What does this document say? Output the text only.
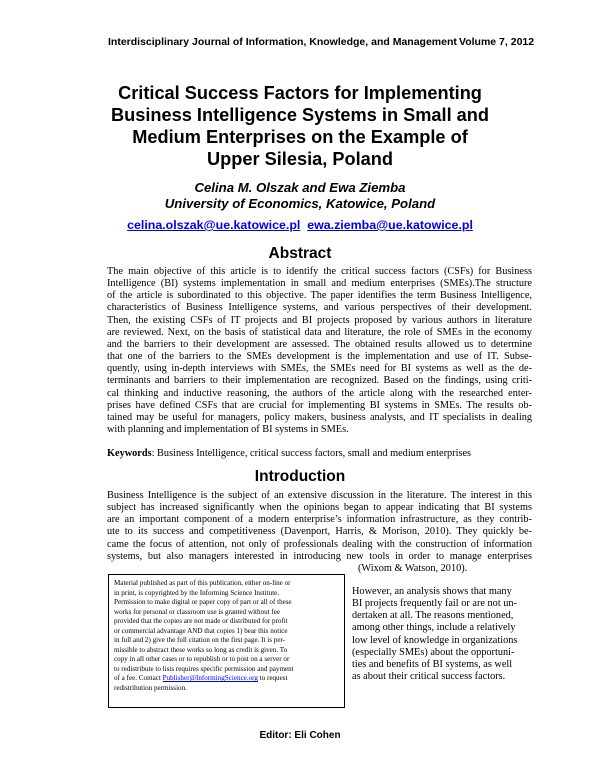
Interdisciplinary Journal of Information, Knowledge, and Management Volume 7, 2012
Critical Success Factors for Implementing
Business Intelligence Systems in Small and
Medium Enterprises on the Example of
Upper Silesia, Poland
Celina M. Olszak and Ewa Ziemba
University of Economics, Katowice, Poland
celina.olszak@ue.katowice.pl ewa.ziemba@ue.katowice.pl
Abstract
The main objective of this article is to identify the critical success factors (CSFs) for Business
Intelligence (BI) systems implementation in small and medium enterprises (SMEs).The structure
of the article is subordinated to this objective. The paper identifies the term Business Intelligence,
characteristics of Business Intelligence systems, and various perspectives of their development.
Then, the existing CSFs of IT projects and BI projects proposed by various authors in literature
are reviewed. Next, on the basis of statistical data and literature, the role of SMEs in the economy
and the barriers to their development are assessed. The obtained results allowed us to determine
that one of the barriers to the SMEs development is the implementation and use of IT. Subse-
quently, using in-depth interviews with SMEs, the SMEs need for BI systems as well as the de-
terminants and barriers to their implementation are recognized. Based on the findings, using criti-
cal thinking and inductive reasoning, the authors of the article along with the researched enter-
prises have defined CSFs that are crucial for implementing BI systems in SMEs. The results ob-
tained may be useful for managers, policy makers, business analysts, and IT specialists in dealing
with planning and implementation of BI systems in SMEs.
Keywords: Business Intelligence, critical success factors, small and medium enterprises
Introduction
Business Intelligence is the subject of an extensive discussion in the literature. The interest in this
subject has increased significantly when the opinions began to appear indicating that BI systems
are an important component of a modern enterprise’s information infrastructure, as they contrib-
ute to its success and competitiveness (Davenport, Harris, & Morison, 2010). They quickly be-
came the focus of attention, not only of professionals dealing with the construction of information
systems, but also managers interested in introducing new tools in order to manage enterprises
(Wixom & Watson, 2010).
Material published as part of this publication, either on-line or
in print, is copyrighted by the Informing Science Institute.
Permission to make digital or paper copy of part or all of these
works for personal or classroom use is granted without fee
provided that the copies are not made or distributed for profit
or commercial advantage AND that copies 1) bear this notice
in full and 2) give the full citation on the first page. It is per-
missible to abstract these works so long as credit is given. To
copy in all other cases or to republish or to post on a server or
to redistribute to lists requires specific permission and payment
of a fee. Contact Publisher@InformingScience.org to request
redistribution permission.
However, an analysis shows that many
BI projects frequently fail or are not un-
dertaken at all. The reasons mentioned,
among other things, include a relatively
low level of knowledge in organizations
(especially SMEs) about the opportuni-
ties and benefits of BI systems, as well
as about their critical success factors.
Editor: Eli Cohen
